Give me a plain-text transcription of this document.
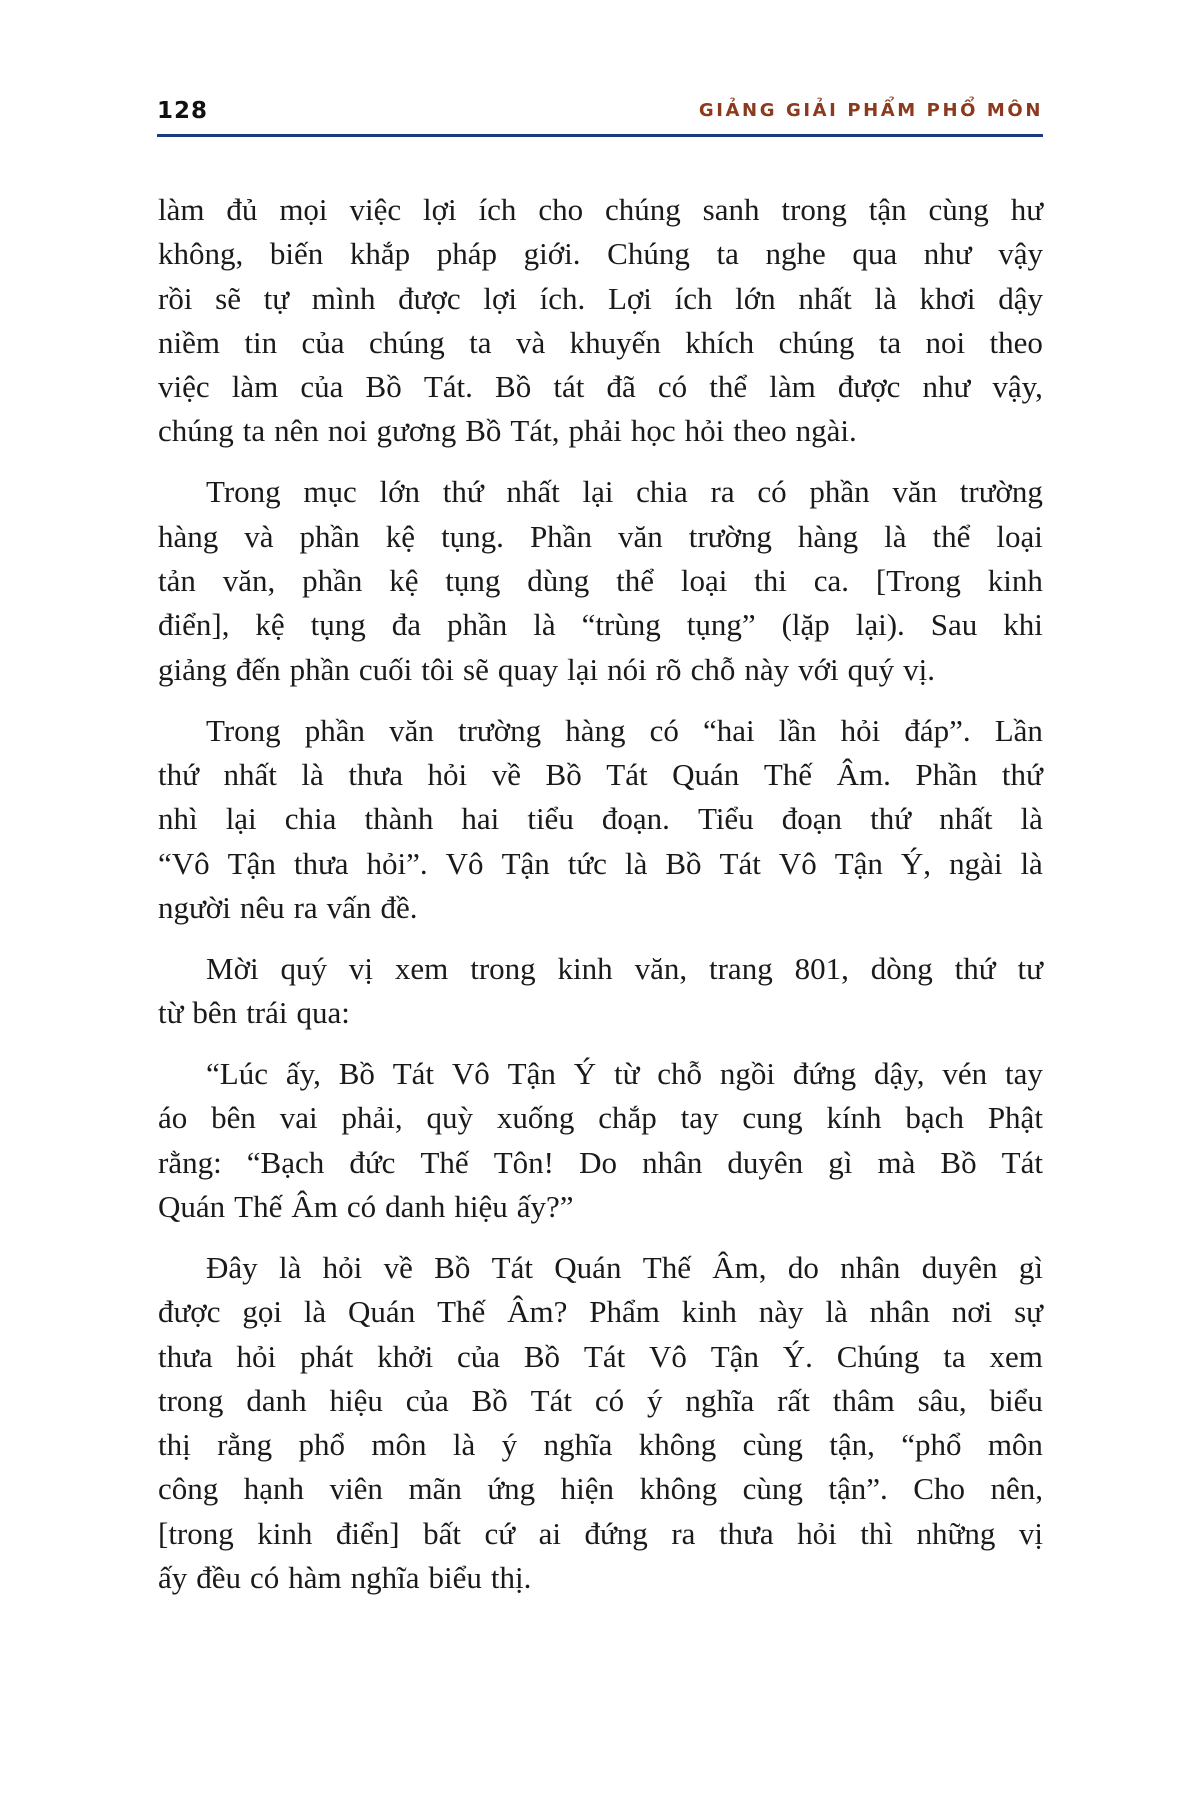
128	GIẢNG GIẢI PHẨM PHỔ MÔN
làm đủ mọi việc lợi ích cho chúng sanh trong tận cùng hư
không, biến khắp pháp giới. Chúng ta nghe qua như vậy
rồi sẽ tự mình được lợi ích. Lợi ích lớn nhất là khơi dậy
niềm tin của chúng ta và khuyến khích chúng ta noi theo
việc làm của Bồ Tát. Bồ tát đã có thể làm được như vậy,
chúng ta nên noi gương Bồ Tát, phải học hỏi theo ngài.
Trong mục lớn thứ nhất lại chia ra có phần văn trường
hàng và phần kệ tụng. Phần văn trường hàng là thể loại
tản văn, phần kệ tụng dùng thể loại thi ca. [Trong kinh
điển], kệ tụng đa phần là “trùng tụng” (lặp lại). Sau khi
giảng đến phần cuối tôi sẽ quay lại nói rõ chỗ này với quý vị.
Trong phần văn trường hàng có “hai lần hỏi đáp”. Lần
thứ nhất là thưa hỏi về Bồ Tát Quán Thế Âm. Phần thứ
nhì lại chia thành hai tiểu đoạn. Tiểu đoạn thứ nhất là
“Vô Tận thưa hỏi”. Vô Tận tức là Bồ Tát Vô Tận Ý, ngài là
người nêu ra vấn đề.
Mời quý vị xem trong kinh văn, trang 801, dòng thứ tư
từ bên trái qua:
“Lúc ấy, Bồ Tát Vô Tận Ý từ chỗ ngồi đứng dậy, vén tay
áo bên vai phải, quỳ xuống chắp tay cung kính bạch Phật
rằng: “Bạch đức Thế Tôn! Do nhân duyên gì mà Bồ Tát
Quán Thế Âm có danh hiệu ấy?”
Đây là hỏi về Bồ Tát Quán Thế Âm, do nhân duyên gì
được gọi là Quán Thế Âm? Phẩm kinh này là nhân nơi sự
thưa hỏi phát khởi của Bồ Tát Vô Tận Ý. Chúng ta xem
trong danh hiệu của Bồ Tát có ý nghĩa rất thâm sâu, biểu
thị rằng phổ môn là ý nghĩa không cùng tận, “phổ môn
công hạnh viên mãn ứng hiện không cùng tận”. Cho nên,
[trong kinh điển] bất cứ ai đứng ra thưa hỏi thì những vị
ấy đều có hàm nghĩa biểu thị.
